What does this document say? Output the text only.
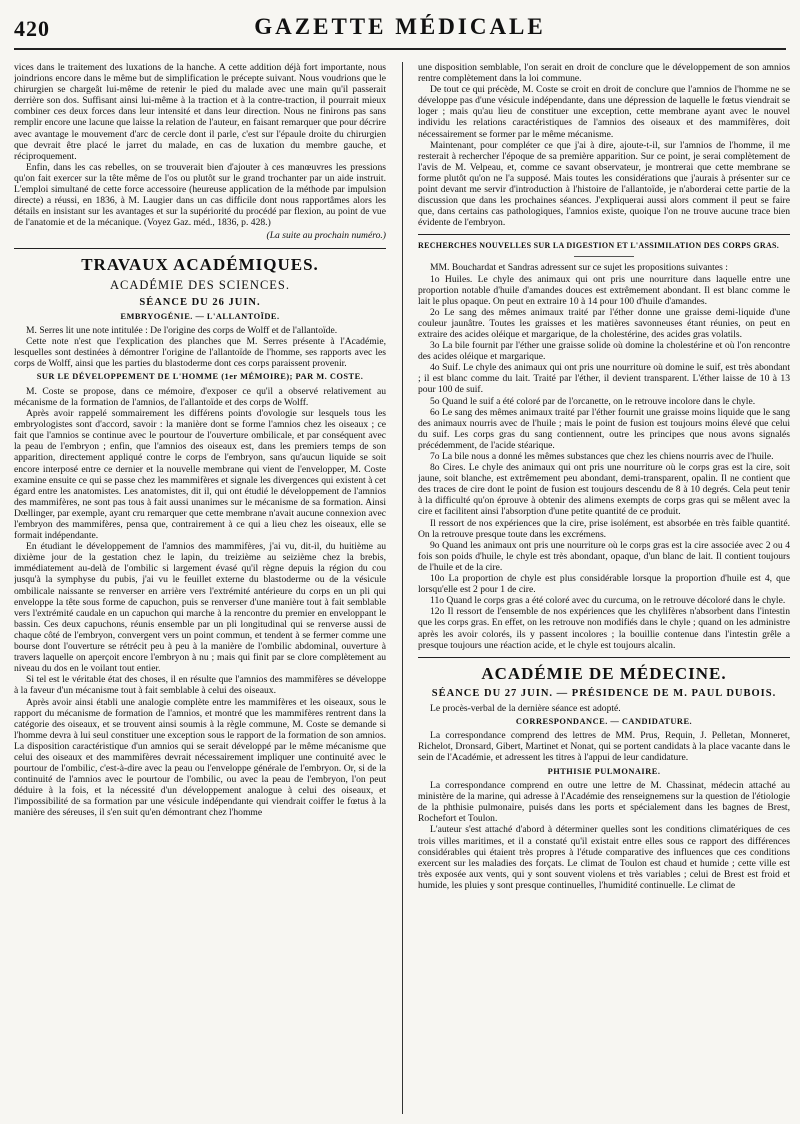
420	GAZETTE MÉDICALE

vices dans le traitement des luxations de la hanche. A cette addition déjà fort importante, nous joindrions encore dans le même but de simplification le précepte suivant. Nous voudrions que le chirurgien se chargeât lui-même de retenir le pied du malade avec une main qu'il passerait derrière son dos. Suffisant ainsi lui-même à la traction et à la contre-traction, il pourrait mieux combiner ces deux forces dans leur intensité et dans leur direction. Nous ne finirons pas sans remplir encore une lacune que laisse la relation de l'auteur, en faisant remarquer que pour décrire avec avantage le mouvement d'arc de cercle dont il parle, c'est sur l'épaule droite du chirurgien que devrait être placé le jarret du malade, en cas de luxation du membre gauche, et réciproquement.

Enfin, dans les cas rebelles, on se trouverait bien d'ajouter à ces manœuvres les pressions qu'on fait exercer sur la tête même de l'os ou plutôt sur le grand trochanter par un aide instruit. L'emploi simultané de cette force accessoire (heureuse application de la méthode par impulsion directe) a réussi, en 1836, à M. Laugier dans un cas difficile dont nous rapportâmes alors les détails en insistant sur les avantages et sur la supériorité du procédé par flexion, au point de vue de l'anatomie et de la mécanique. (Voyez Gaz. méd., 1836, p. 428.)

(La suite au prochain numéro.)

TRAVAUX ACADÉMIQUES.
ACADÉMIE DES SCIENCES.
SÉANCE DU 26 JUIN.
EMBRYOGÉNIE. — L'ALLANTOÏDE.

M. Serres lit une note intitulée : De l'origine des corps de Wolff et de l'allantoïde.

Cette note n'est que l'explication des planches que M. Serres présente à l'Académie, lesquelles sont destinées à démontrer l'origine de l'allantoïde de l'homme, ses rapports avec les corps de Wolff, ainsi que les parties du blastoderme dont ces corps paraissent provenir.

SUR LE DÉVELOPPEMENT DE L'HOMME (1er MÉMOIRE); PAR M. COSTE.

M. Coste se propose, dans ce mémoire, d'exposer ce qu'il a observé relativement au mécanisme de la formation de l'amnios, de l'allantoïde et des corps de Wolff.

Après avoir rappelé sommairement les différens points d'ovologie sur lesquels tous les embryologistes sont d'accord, savoir : la manière dont se forme l'amnios chez les oiseaux ; ce fait que l'amnios se continue avec le pourtour de l'ouverture ombilicale, et par conséquent avec la peau de l'embryon ; enfin, que l'amnios des oiseaux est, dans les premiers temps de son apparition, directement appliqué contre le corps de l'embryon, sans qu'aucun liquide se soit encore interposé entre ce dernier et la nouvelle membrane qui vient de l'envelopper, M. Coste examine ensuite ce qui se passe chez les mammifères et signale les divergences qui existent à cet égard entre les anatomistes. Les anatomistes, dit il, qui ont étudié le développement de l'amnios des mammifères, ne sont pas tous à fait aussi unanimes sur le mécanisme de sa formation. Ainsi Dœllinger, par exemple, ayant cru remarquer que cette membrane n'avait aucune connexion avec l'embryon des mammifères, pensa que, contrairement à ce qui a lieu chez les oiseaux, elle se formait indépendante.

En étudiant le développement de l'amnios des mammifères, j'ai vu, dit-il, du huitième au dixième jour de la gestation chez le lapin, du treizième au seizième chez la brebis, immédiatement au-delà de l'ombilic si largement évasé qu'il règne depuis la région du cou jusqu'à la symphyse du pubis, j'ai vu le feuillet externe du blastoderme ou de la vésicule ombilicale naissante se renverser en arrière vers l'extrémité antérieure du corps en un pli qui enveloppe la tête sous forme de capuchon, puis se renverser d'une manière tout à fait semblable vers l'extrémité caudale en un capuchon qui marche à la rencontre du premier en enveloppant le bassin. Ces deux capuchons, réunis ensemble par un pli longitudinal qui se renverse aussi de chaque côté de l'embryon, convergent vers un point commun, et tendent à se fermer comme une bourse dont l'ouverture se rétrécit peu à peu à la manière de l'ombilic abdominal, ouverture à travers laquelle on aperçoit encore l'embryon à nu ; mais qui finit par se clore complètement au niveau du dos en le voilant tout entier.

Si tel est le véritable état des choses, il en résulte que l'amnios des mammifères se développe à la faveur d'un mécanisme tout à fait semblable à celui des oiseaux.

Après avoir ainsi établi une analogie complète entre les mammifères et les oiseaux, sous le rapport du mécanisme de formation de l'amnios, et montré que les mammifères rentrent dans la catégorie des oiseaux, et se trouvent ainsi soumis à la règle commune, M. Coste se demande si l'homme devra à lui seul constituer une exception sous le rapport de la formation de son amnios. La disposition caractéristique d'un amnios qui se serait développé par le même mécanisme que celui des oiseaux et des mammifères devrait nécessairement impliquer une continuité avec le pourtour de l'ombilic, c'est-à-dire avec la peau ou l'enveloppe générale de l'embryon. Or, si de la continuité de l'amnios avec le pourtour de l'ombilic, ou avec la peau de l'embryon, l'on peut déduire à la fois, et la nécessité d'un développement analogue à celui des oiseaux, et l'impossibilité de sa formation par une vésicule indépendante qui viendrait coiffer le fœtus à la manière des séreuses, il s'en suit qu'en démontrant chez l'homme

une disposition semblable, l'on serait en droit de conclure que le développement de son amnios rentre complètement dans la loi commune.

De tout ce qui précède, M. Coste se croit en droit de conclure que l'amnios de l'homme ne se développe pas d'une vésicule indépendante, dans une dépression de laquelle le fœtus viendrait se loger ; mais qu'au lieu de constituer une exception, cette membrane ayant avec le nouvel individu les relations caractéristiques de l'amnios des oiseaux et des mammifères, doit nécessairement se former par le même mécanisme.

Maintenant, pour compléter ce que j'ai à dire, ajoute-t-il, sur l'amnios de l'homme, il me resterait à rechercher l'époque de sa première apparition. Sur ce point, je serai complètement de l'avis de M. Velpeau, et, comme ce savant observateur, je montrerai que cette membrane se forme plutôt qu'on ne l'a supposé. Mais toutes les considérations que j'aurais à présenter sur ce point devant me servir d'introduction à l'histoire de l'allantoïde, je n'aborderai cette partie de la discussion que dans les prochaines séances. J'expliquerai aussi alors comment il peut se faire que, dans certains cas pathologiques, l'amnios existe, quoique l'on ne trouve aucune trace bien évidente de l'embryon.

RECHERCHES NOUVELLES SUR LA DIGESTION ET L'ASSIMILATION DES CORPS GRAS.

MM. Bouchardat et Sandras adressent sur ce sujet les propositions suivantes :

1o Huiles. Le chyle des animaux qui ont pris une nourriture dans laquelle entre une proportion notable d'huile d'amandes douces est extrêmement abondant. Il est blanc comme le lait le plus opaque. On peut en extraire 10 à 14 pour 100 d'huile d'amandes.

2o Le sang des mêmes animaux traité par l'éther donne une graisse demi-liquide d'une couleur jaunâtre. Toutes les graisses et les matières savonneuses étant réunies, on peut en extraire des acides oléique et margarique, de la cholestérine, des acides gras volatils.

3o La bile fournit par l'éther une graisse solide où domine la cholestérine et où l'on rencontre des acides oléique et margarique.

4o Suif. Le chyle des animaux qui ont pris une nourriture où domine le suif, est très abondant ; il est blanc comme du lait. Traité par l'éther, il devient transparent. L'éther laisse de 10 à 13 pour 100 de suif.

5o Quand le suif a été coloré par de l'orcanette, on le retrouve incolore dans le chyle.

6o Le sang des mêmes animaux traité par l'éther fournit une graisse moins liquide que le sang des animaux nourris avec de l'huile ; mais le point de fusion est toujours moins élevé que celui du suif. Les corps gras du sang contiennent, outre les principes que nous avons signalés précédemment, de l'acide stéarique.

7o La bile nous a donné les mêmes substances que chez les chiens nourris avec de l'huile.

8o Cires. Le chyle des animaux qui ont pris une nourriture où le corps gras est la cire, soit jaune, soit blanche, est extrêmement peu abondant, demi-transparent, opalin. Il ne contient que des traces de cire dont le point de fusion est toujours descendu de 8 à 10 degrés. Cela peut tenir à la difficulté qu'on éprouve à obtenir des alimens exempts de corps gras qui se mêlent avec la cire et facilitent ainsi l'absorption d'une petite quantité de ce produit.

Il ressort de nos expériences que la cire, prise isolément, est absorbée en très faible quantité. On la retrouve presque toute dans les excrémens.

9o Quand les animaux ont pris une nourriture où le corps gras est la cire associée avec 2 ou 4 fois son poids d'huile, le chyle est très abondant, opaque, d'un blanc de lait. Il contient toujours de l'huile et de la cire.

10o La proportion de chyle est plus considérable lorsque la proportion d'huile est 4, que lorsqu'elle est 2 pour 1 de cire.

11o Quand le corps gras a été coloré avec du curcuma, on le retrouve décoloré dans le chyle.

12o Il ressort de l'ensemble de nos expériences que les chylifères n'absorbent dans l'intestin que les corps gras. En effet, on les retrouve non modifiés dans le chyle ; quand on les administre après les avoir colorés, ils y passent incolores ; la bouillie contenue dans l'intestin grêle a presque toujours une réaction acide, et le chyle est toujours alcalin.

ACADÉMIE DE MÉDECINE.
SÉANCE DU 27 JUIN. — PRÉSIDENCE DE M. PAUL DUBOIS.

Le procès-verbal de la dernière séance est adopté.

CORRESPONDANCE. — CANDIDATURE.

La correspondance comprend des lettres de MM. Prus, Requin, J. Pelletan, Monneret, Richelot, Dronsard, Gibert, Martinet et Nonat, qui se portent candidats à la place vacante dans le sein de l'Académie, et adressent les titres à l'appui de leur candidature.

PHTHISIE PULMONAIRE.

La correspondance comprend en outre une lettre de M. Chassinat, médecin attaché au ministère de la marine, qui adresse à l'Académie des renseignemens sur la question de l'étiologie de la phthisie pulmonaire, puisés dans les ports et spécialement dans les bagnes de Brest, Rochefort et Toulon.

L'auteur s'est attaché d'abord à déterminer quelles sont les conditions climatériques de ces trois villes maritimes, et il a constaté qu'il existait entre elles sous ce rapport des différences considérables qui étaient très propres à l'étude comparative des influences que ces conditions exercent sur les maladies des forçats. Le climat de Toulon est chaud et humide ; cette ville est très exposée aux vents, qui y sont souvent violens et très variables ; celui de Brest est froid et humide, les pluies y sont presque continuelles, l'humidité continuelle. Le climat de
